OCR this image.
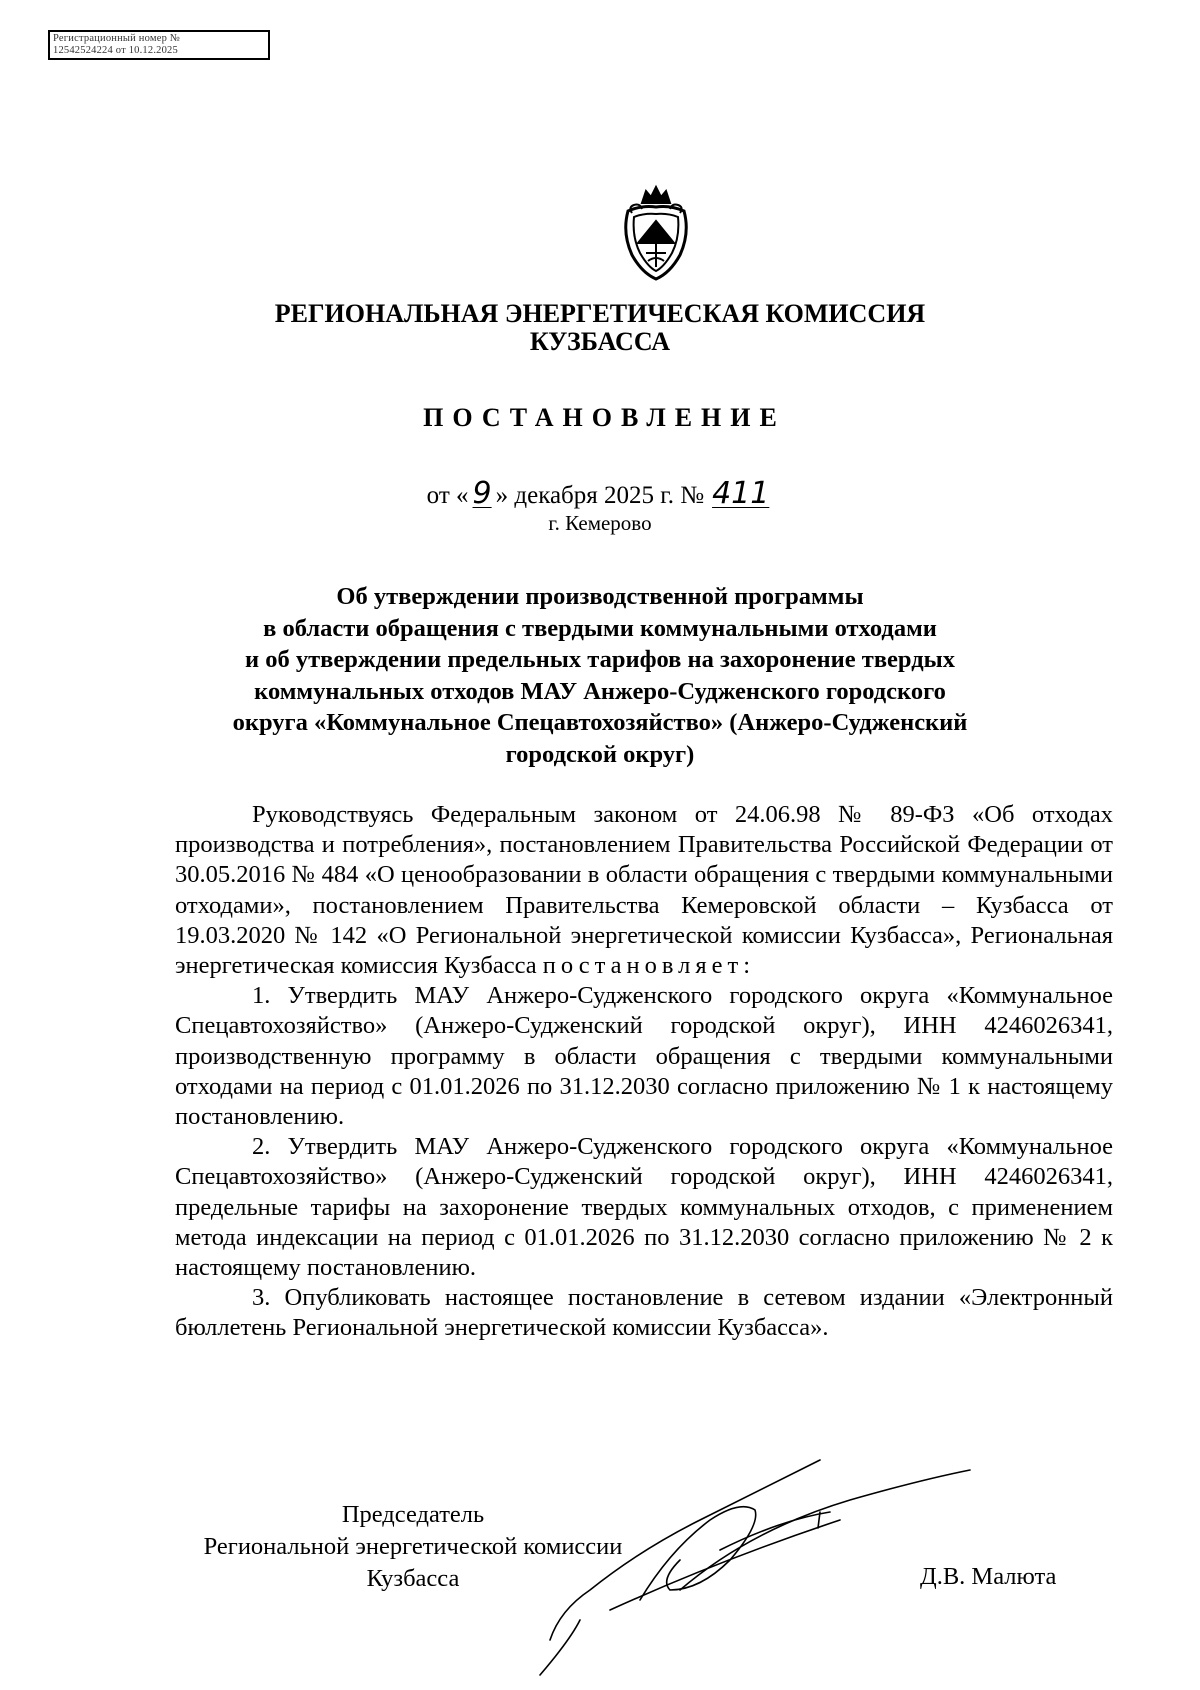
Регистрационный номер №
12542524224 от 10.12.2025
РЕГИОНАЛЬНАЯ ЭНЕРГЕТИЧЕСКАЯ КОМИССИЯ
КУЗБАССА
ПОСТАНОВЛЕНИЕ
от « 9 » декабря 2025 г. № 411
г. Кемерово
Об утверждении производственной программы
в области обращения с твердыми коммунальными отходами
и об утверждении предельных тарифов на захоронение твердых
коммунальных отходов МАУ Анжеро-Судженского городского
округа «Коммунальное Спецавтохозяйство» (Анжеро-Судженский
городской округ)

Руководствуясь Федеральным законом от 24.06.98 № 89-ФЗ «Об отходах производства и потребления», постановлением Правительства Российской Федерации от 30.05.2016 № 484 «О ценообразовании в области обращения с твердыми коммунальными отходами», постановлением Правительства Кемеровской области – Кузбасса от 19.03.2020 № 142 «О Региональной энергетической комиссии Кузбасса», Региональная энергетическая комиссия Кузбасса постановляет:

1. Утвердить МАУ Анжеро-Судженского городского округа «Коммунальное Спецавтохозяйство» (Анжеро-Судженский городской округ), ИНН 4246026341, производственную программу в области обращения с твердыми коммунальными отходами на период с 01.01.2026 по 31.12.2030 согласно приложению № 1 к настоящему постановлению.

2. Утвердить МАУ Анжеро-Судженского городского округа «Коммунальное Спецавтохозяйство» (Анжеро-Судженский городской округ), ИНН 4246026341, предельные тарифы на захоронение твердых коммунальных отходов, с применением метода индексации на период с 01.01.2026 по 31.12.2030 согласно приложению № 2 к настоящему постановлению.

3. Опубликовать настоящее постановление в сетевом издании «Электронный бюллетень Региональной энергетической комиссии Кузбасса».

Председатель
Региональной энергетической комиссии
Кузбасса	Д.В. Малюта
